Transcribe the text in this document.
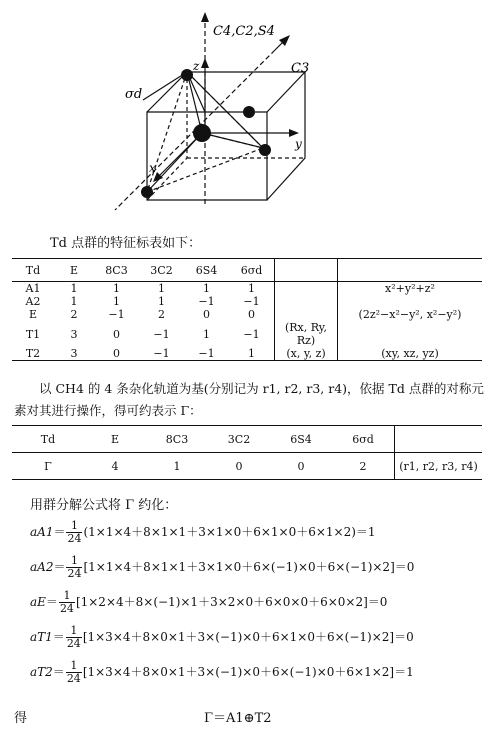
C4,C2,S4
C3
σd
z
y
x
Td 点群的特征标表如下：
Td	E	8C3	3C2	6S4	6σd		
A1	1	1	1	1	1		x²+y²+z²
A2	1	1	1	−1	−1		
E	2	−1	2	0	0		(2z²−x²−y², x²−y²)
T1	3	0	−1	1	−1	(Rx, Ry, Rz)	
T2	3	0	−1	−1	1	(x, y, z)	(xy, xz, yz)
以 CH4 的 4 条杂化轨道为基(分别记为 r1, r2, r3, r4)，依据 Td 点群的对称元素对其进行操作，得可约表示 Γ：
Td	E	8C3	3C2	6S4	6σd	
Γ	4	1	0	0	2	(r1, r2, r3, r4)
用群分解公式将 Γ 约化：
$aA1= \frac{1}{24} (1\times 1\times 4+8\times 1\times 1+3\times 1\times 0+6\times 1\times 0+6\times 1\times 2)=1$
$aA2= \frac{1}{24} [1\times 1\times 4+8\times 1\times 1+3\times 1\times 0+6\times(-1)\times 0+6\times(-1)\times 2]=0$
$aE= \frac{1}{24} [1\times 2\times 4+8\times(-1)\times 1+3\times 2\times 0+6\times 0\times 0+6\times 0\times 2]=0$
$aT1= \frac{1}{24} [1\times 3\times 4+8\times 0\times 1+3\times(-1)\times 0+6\times 1\times 0+6\times(-1)\times 2]=0$
$aT2= \frac{1}{24} [1\times 3\times 4+8\times 0\times 1+3\times(-1)\times 0+6\times(-1)\times 0+6\times 1\times 2]=1$
得	Γ＝A1⊕T2
